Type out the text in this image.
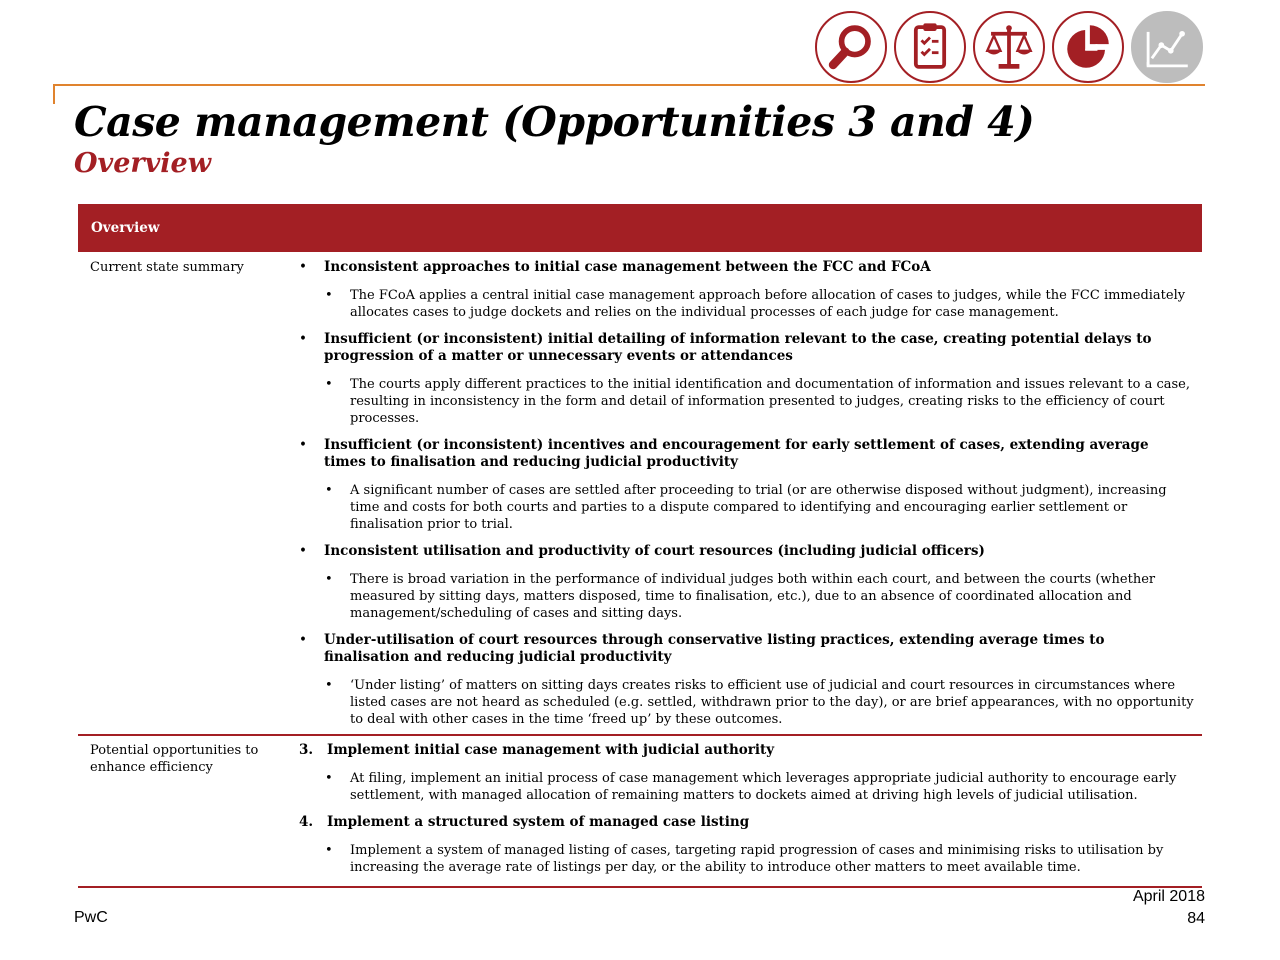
Case management (Opportunities 3 and 4)
Overview
Overview
Current state summary	• Inconsistent approaches to initial case management between the FCC and FCoA
• The FCoA applies a central initial case management approach before allocation of cases to judges, while the FCC immediately allocates cases to judge dockets and relies on the individual processes of each judge for case management.
• Insufficient (or inconsistent) initial detailing of information relevant to the case, creating potential delays to progression of a matter or unnecessary events or attendances
• The courts apply different practices to the initial identification and documentation of information and issues relevant to a case, resulting in inconsistency in the form and detail of information presented to judges, creating risks to the efficiency of court processes.
• Insufficient (or inconsistent) incentives and encouragement for early settlement of cases, extending average times to finalisation and reducing judicial productivity
• A significant number of cases are settled after proceeding to trial (or are otherwise disposed without judgment), increasing time and costs for both courts and parties to a dispute compared to identifying and encouraging earlier settlement or finalisation prior to trial.
• Inconsistent utilisation and productivity of court resources (including judicial officers)
• There is broad variation in the performance of individual judges both within each court, and between the courts (whether measured by sitting days, matters disposed, time to finalisation, etc.), due to an absence of coordinated allocation and management/scheduling of cases and sitting days.
• Under-utilisation of court resources through conservative listing practices, extending average times to finalisation and reducing judicial productivity
• ‘Under listing’ of matters on sitting days creates risks to efficient use of judicial and court resources in circumstances where listed cases are not heard as scheduled (e.g. settled, withdrawn prior to the day), or are brief appearances, with no opportunity to deal with other cases in the time ‘freed up’ by these outcomes.
Potential opportunities to enhance efficiency
3. Implement initial case management with judicial authority
• At filing, implement an initial process of case management which leverages appropriate judicial authority to encourage early settlement, with managed allocation of remaining matters to dockets aimed at driving high levels of judicial utilisation.
4. Implement a structured system of managed case listing
• Implement a system of managed listing of cases, targeting rapid progression of cases and minimising risks to utilisation by increasing the average rate of listings per day, or the ability to introduce other matters to meet available time.
PwC
April 2018
84
